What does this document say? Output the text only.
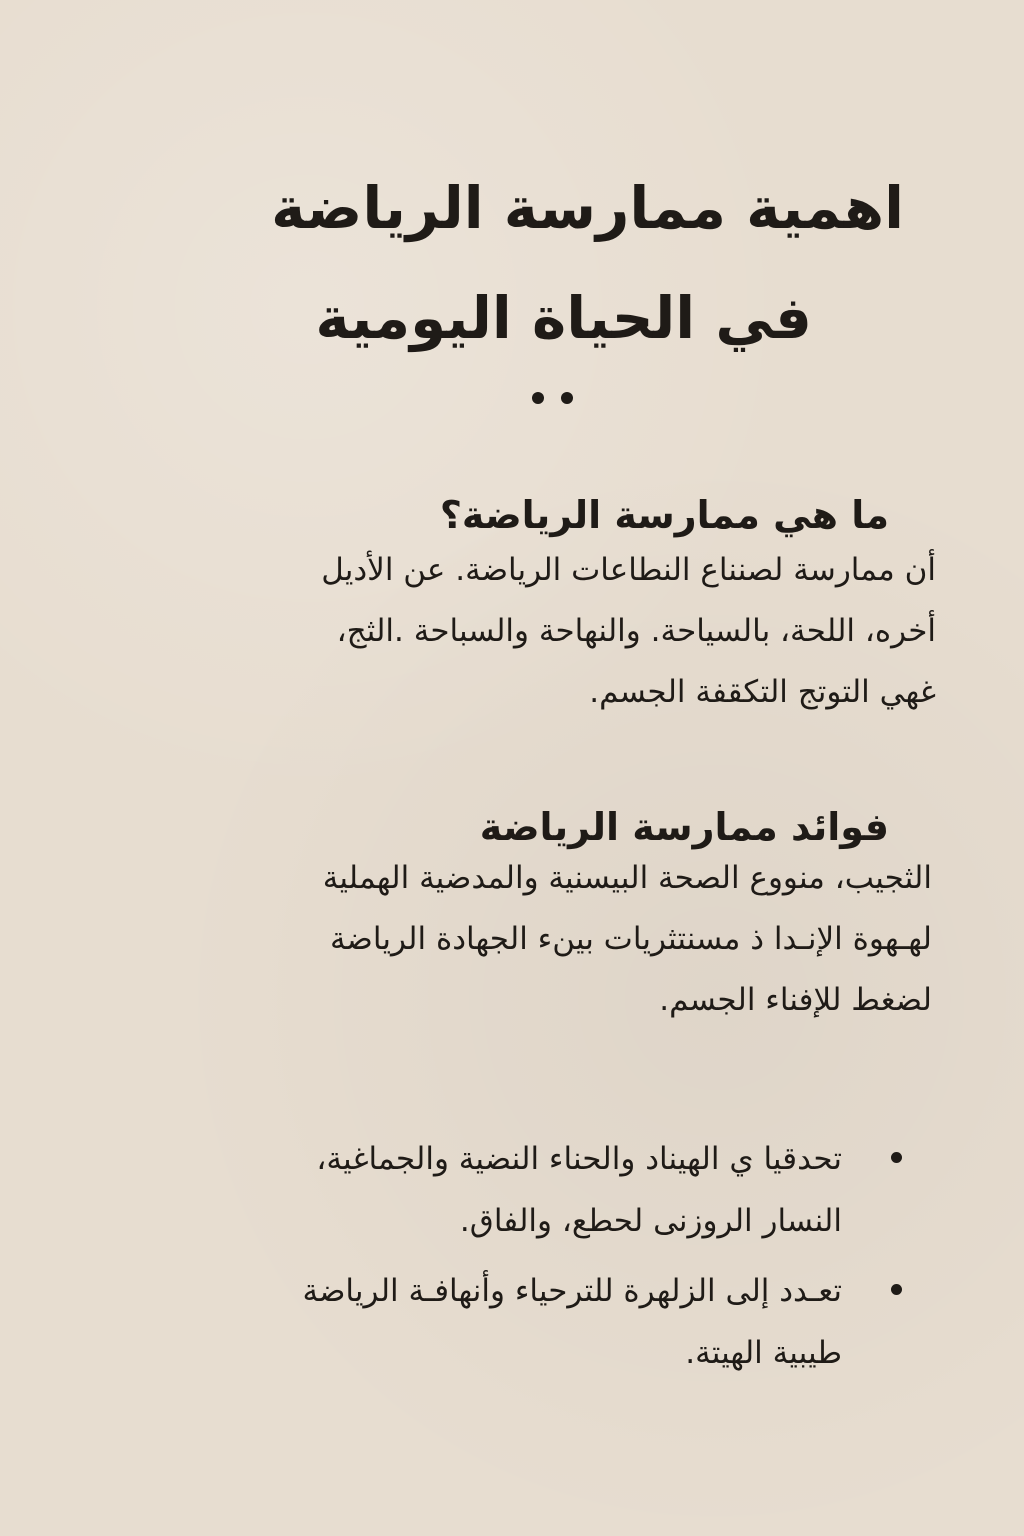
اهمية ممارسة الرياضة
في الحياة اليومية
ما هي ممارسة الرياضة؟
أن ممارسة لصنناع النطاعات الرياضة. عن الأديل
أخره، اللحة، بالسياحة. والنهاحة والسباحة .الثج،
غهي التوتج التكقفة الجسم.
فوائد ممارسة الرياضة
الثجيب، منووع الصحة البيسنية والمدضية الهملية
لهـهوة الإنـدا ذ مسنتثريات بينء الجهادة الرياضة
لضغط للإفناء الجسم.
تحدقيا ي الهيناد والحناء النضية والجماغية،
النسار الروزنى لحطع، والفاق.
تعـدد إلى الزلهرة للترحياء وأنهافـة الرياضة
طيبية الهيتة.
